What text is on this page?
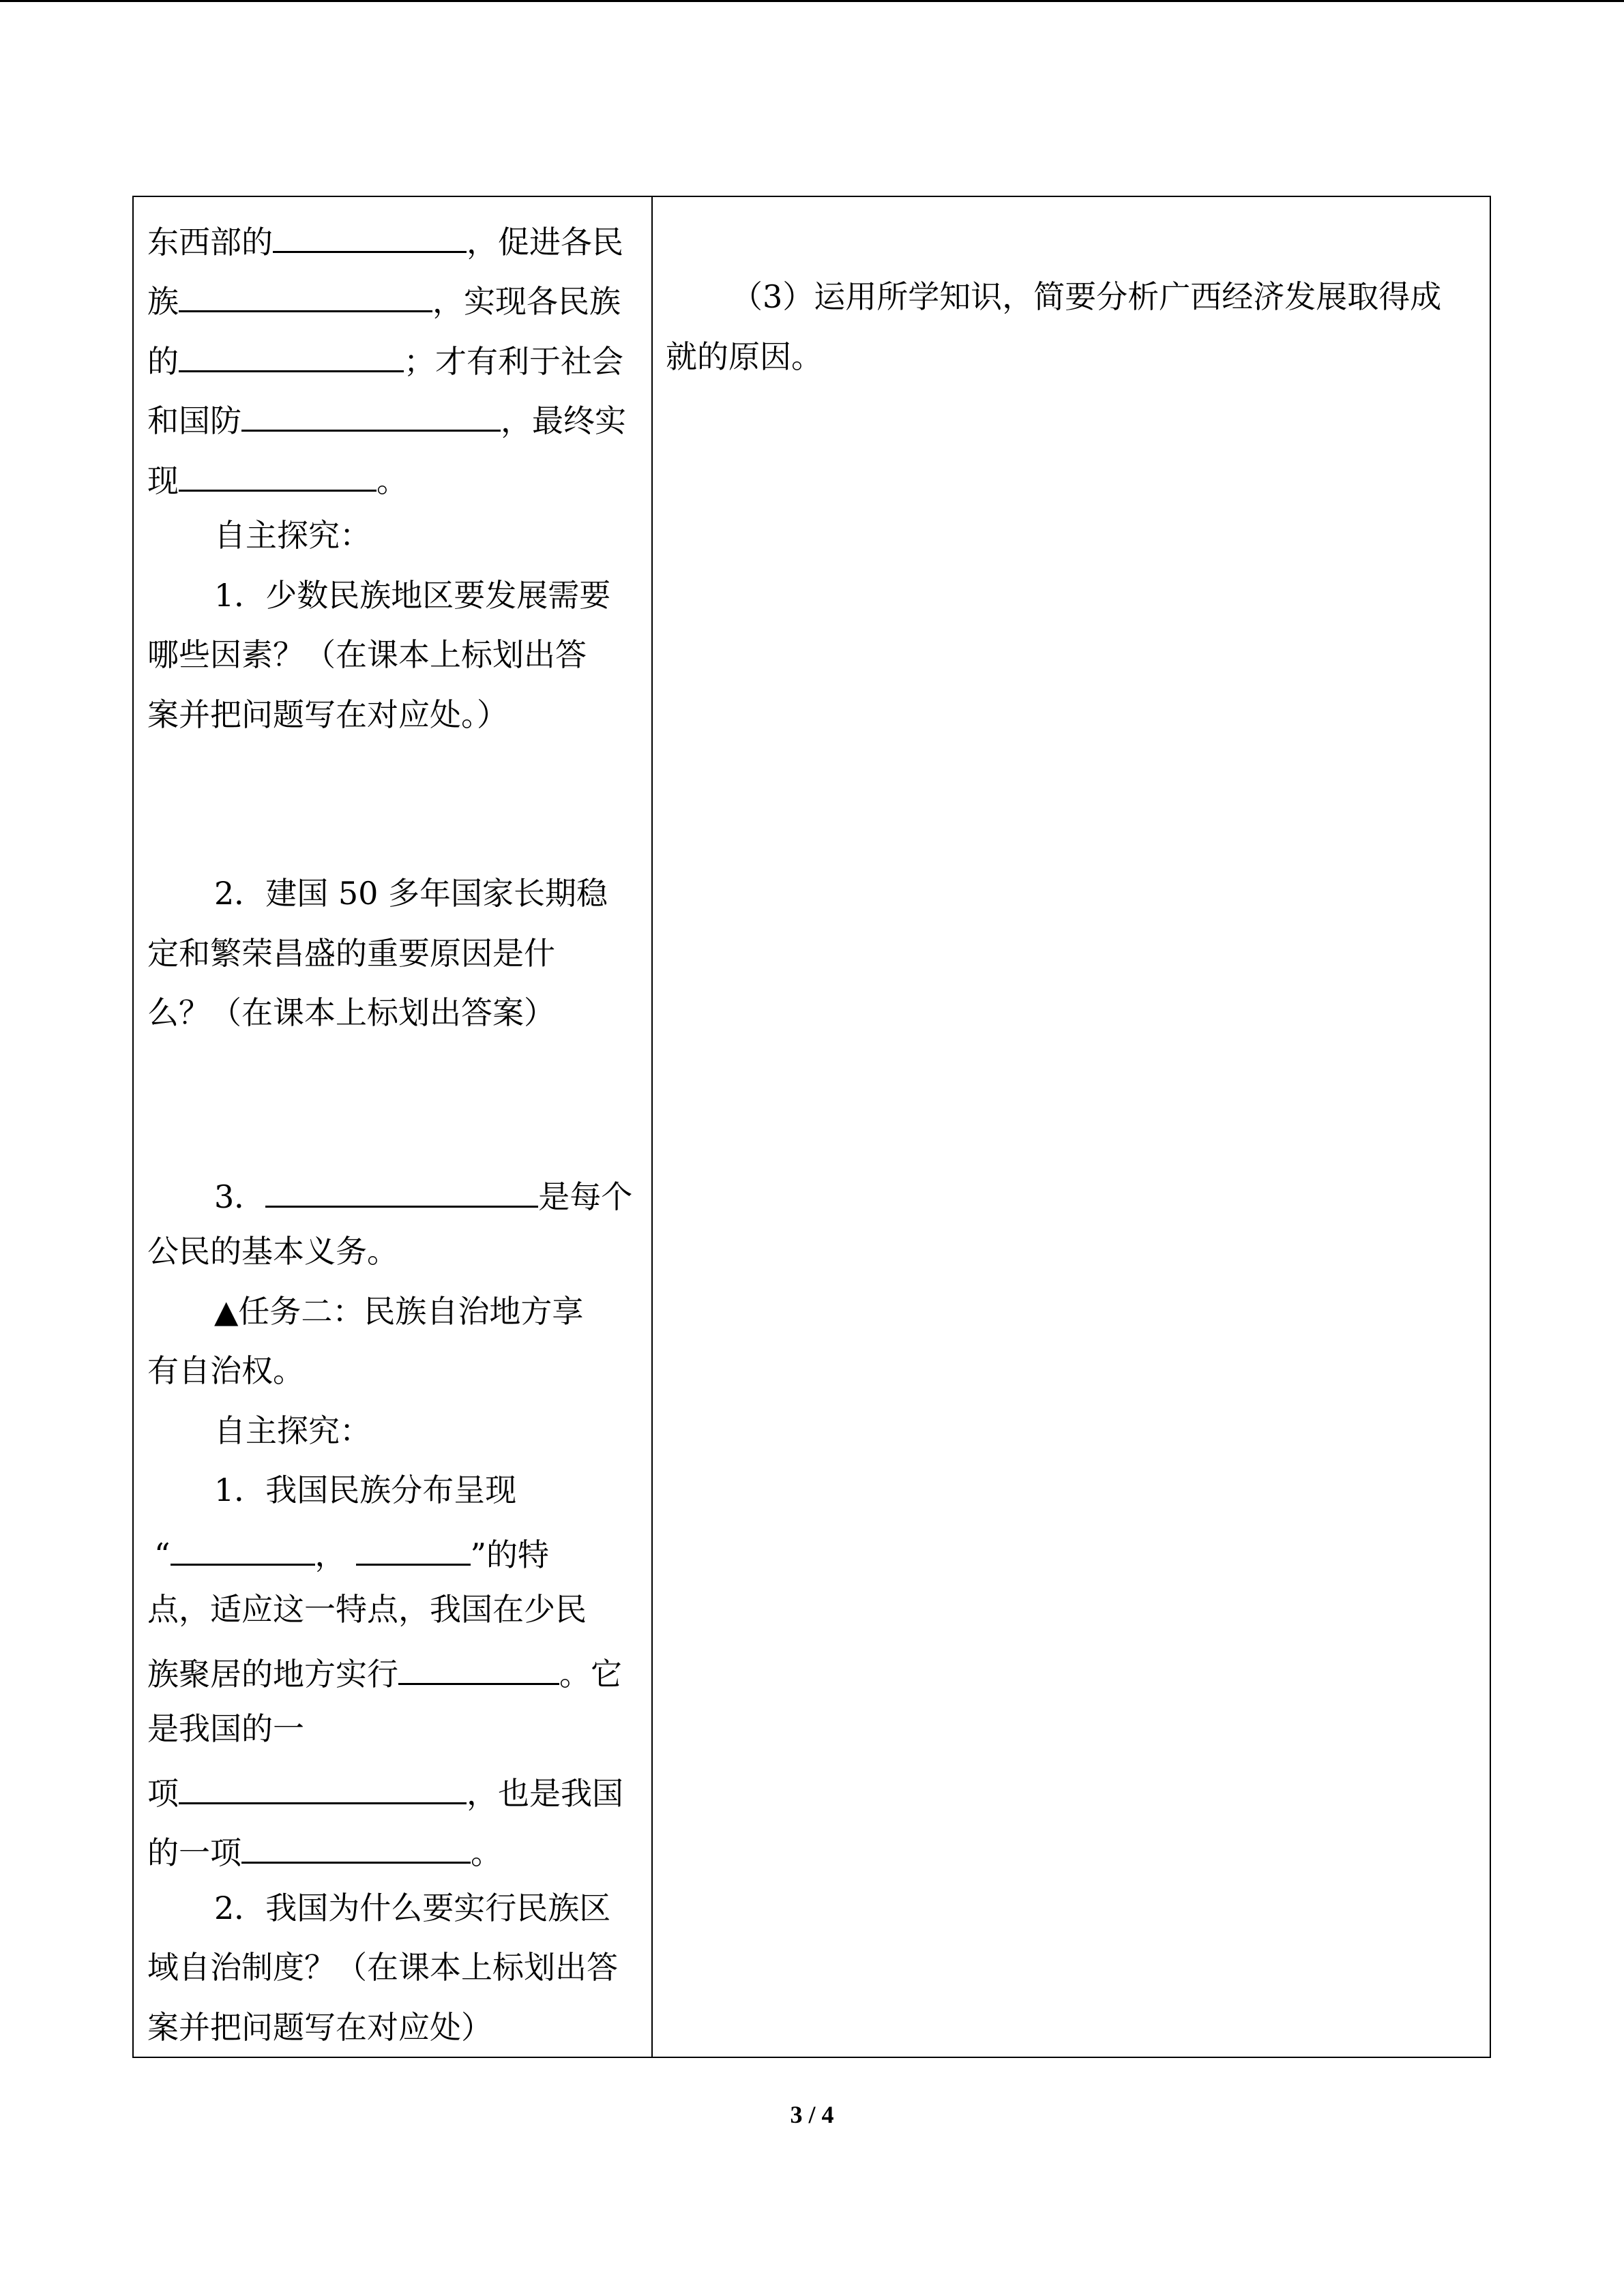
东西部的	，促进各民
族	，实现各民族
的	；才有利于社会
和国防	，最终实
现	。
自主探究：
1．少数民族地区要发展需要
哪些因素？（在课本上标划出答
案并把问题写在对应处。）
2．建国 50 多年国家长期稳
定和繁荣昌盛的重要原因是什
么？（在课本上标划出答案）
3．	是每个
公民的基本义务。
▲任务二：民族自治地方享
有自治权。
自主探究：
1．我国民族分布呈现
“	，	”的特
点，适应这一特点，我国在少民
族聚居的地方实行	。它
是我国的一
项	，也是我国
的一项	。
2．我国为什么要实行民族区
域自治制度？（在课本上标划出答
案并把问题写在对应处）
（3）运用所学知识，简要分析广西经济发展取得成
就的原因。
3 / 4
